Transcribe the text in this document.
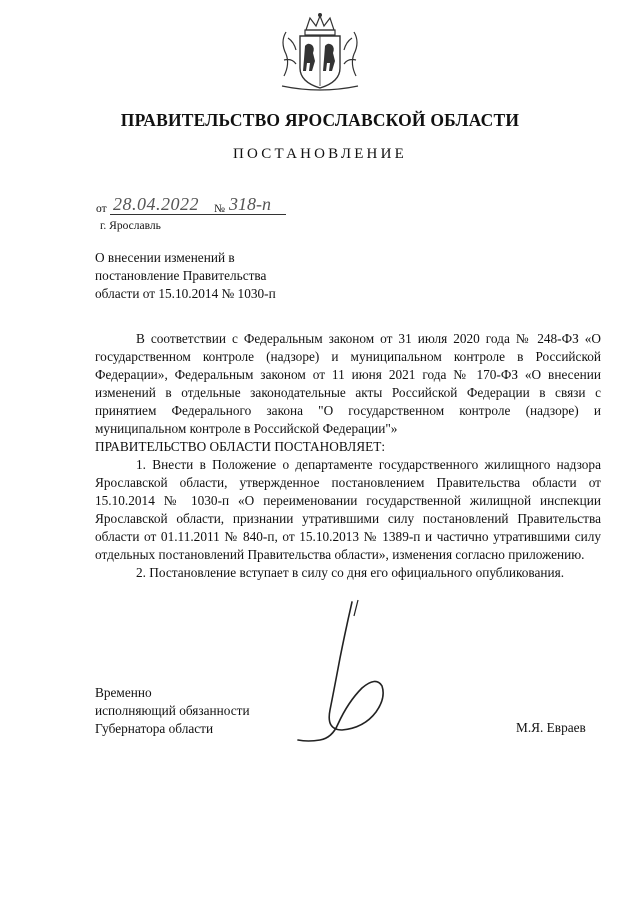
ПРАВИТЕЛЬСТВО ЯРОСЛАВСКОЙ ОБЛАСТИ
ПОСТАНОВЛЕНИЕ
от 28.04.2022 № 318-п
г. Ярославль
О внесении изменений в
постановление Правительства
области от 15.10.2014 № 1030-п

В соответствии с Федеральным законом от 31 июля 2020 года № 248-ФЗ «О государственном контроле (надзоре) и муниципальном контроле в Российской Федерации», Федеральным законом от 11 июня 2021 года № 170-ФЗ «О внесении изменений в отдельные законодательные акты Российской Федерации в связи с принятием Федерального закона "О государственном контроле (надзоре) и муниципальном контроле в Российской Федерации"»

ПРАВИТЕЛЬСТВО ОБЛАСТИ ПОСТАНОВЛЯЕТ:

1. Внести в Положение о департаменте государственного жилищного надзора Ярославской области, утвержденное постановлением Правительства области от 15.10.2014 № 1030-п «О переименовании государственной жилищной инспекции Ярославской области, признании утратившими силу постановлений Правительства области от 01.11.2011 № 840-п, от 15.10.2013 № 1389-п и частично утратившими силу отдельных постановлений Правительства области», изменения согласно приложению.

2. Постановление вступает в силу со дня его официального опубликования.

Временно
исполняющий обязанности
Губернатора области	М.Я. Евраев
